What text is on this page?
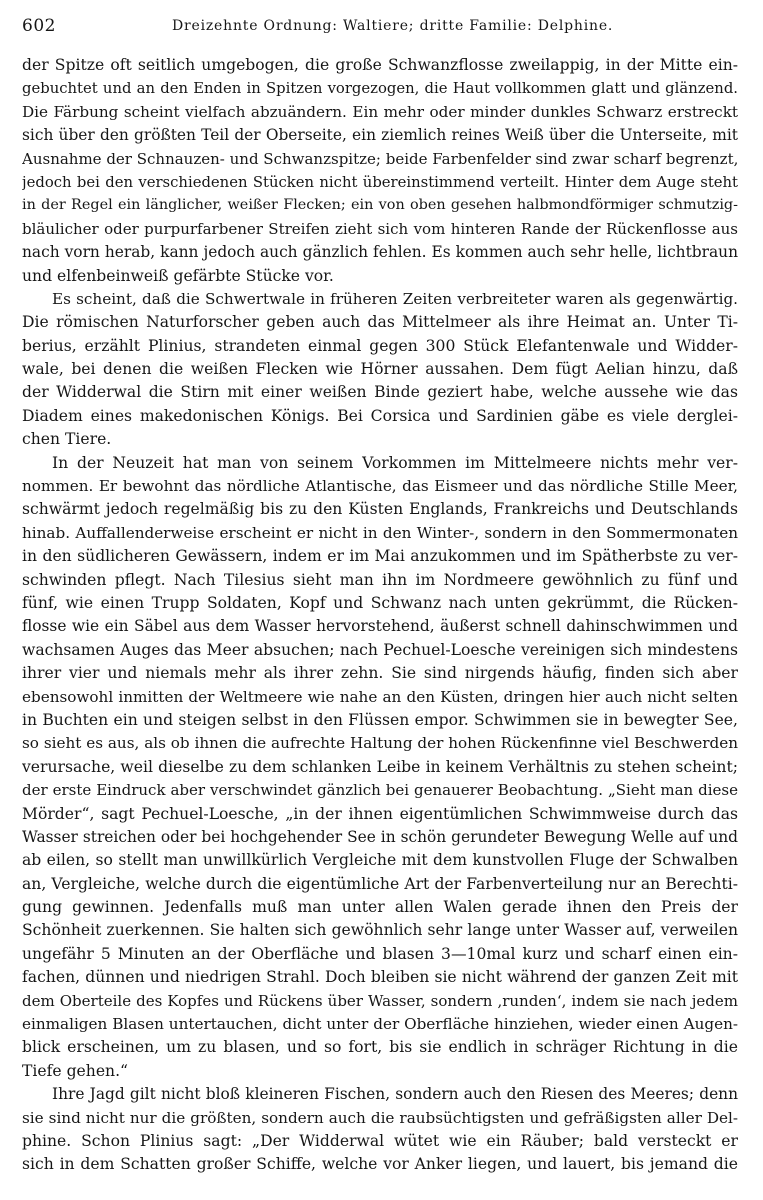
602	Dreizehnte Ordnung: Waltiere; dritte Familie: Delphine.
der Spitze oft seitlich umgebogen, die große Schwanzflosse zweilappig, in der Mitte ein-
gebuchtet und an den Enden in Spitzen vorgezogen, die Haut vollkommen glatt und glänzend.
Die Färbung scheint vielfach abzuändern. Ein mehr oder minder dunkles Schwarz erstreckt
sich über den größten Teil der Oberseite, ein ziemlich reines Weiß über die Unterseite, mit
Ausnahme der Schnauzen- und Schwanzspitze; beide Farbenfelder sind zwar scharf begrenzt,
jedoch bei den verschiedenen Stücken nicht übereinstimmend verteilt. Hinter dem Auge steht
in der Regel ein länglicher, weißer Flecken; ein von oben gesehen halbmondförmiger schmutzig-
bläulicher oder purpurfarbener Streifen zieht sich vom hinteren Rande der Rückenflosse aus
nach vorn herab, kann jedoch auch gänzlich fehlen. Es kommen auch sehr helle, lichtbraun
und elfenbeinweiß gefärbte Stücke vor.
Es scheint, daß die Schwertwale in früheren Zeiten verbreiteter waren als gegenwärtig.
Die römischen Naturforscher geben auch das Mittelmeer als ihre Heimat an. Unter Ti-
berius, erzählt Plinius, strandeten einmal gegen 300 Stück Elefantenwale und Widder-
wale, bei denen die weißen Flecken wie Hörner aussahen. Dem fügt Aelian hinzu, daß
der Widderwal die Stirn mit einer weißen Binde geziert habe, welche aussehe wie das
Diadem eines makedonischen Königs. Bei Corsica und Sardinien gäbe es viele derglei-
chen Tiere.
In der Neuzeit hat man von seinem Vorkommen im Mittelmeere nichts mehr ver-
nommen. Er bewohnt das nördliche Atlantische, das Eismeer und das nördliche Stille Meer,
schwärmt jedoch regelmäßig bis zu den Küsten Englands, Frankreichs und Deutschlands
hinab. Auffallenderweise erscheint er nicht in den Winter-, sondern in den Sommermonaten
in den südlicheren Gewässern, indem er im Mai anzukommen und im Spätherbste zu ver-
schwinden pflegt. Nach Tilesius sieht man ihn im Nordmeere gewöhnlich zu fünf und
fünf, wie einen Trupp Soldaten, Kopf und Schwanz nach unten gekrümmt, die Rücken-
flosse wie ein Säbel aus dem Wasser hervorstehend, äußerst schnell dahinschwimmen und
wachsamen Auges das Meer absuchen; nach Pechuel-Loesche vereinigen sich mindestens
ihrer vier und niemals mehr als ihrer zehn. Sie sind nirgends häufig, finden sich aber
ebensowohl inmitten der Weltmeere wie nahe an den Küsten, dringen hier auch nicht selten
in Buchten ein und steigen selbst in den Flüssen empor. Schwimmen sie in bewegter See,
so sieht es aus, als ob ihnen die aufrechte Haltung der hohen Rückenfinne viel Beschwerden
verursache, weil dieselbe zu dem schlanken Leibe in keinem Verhältnis zu stehen scheint;
der erste Eindruck aber verschwindet gänzlich bei genauerer Beobachtung. „Sieht man diese
Mörder“, sagt Pechuel-Loesche, „in der ihnen eigentümlichen Schwimmweise durch das
Wasser streichen oder bei hochgehender See in schön gerundeter Bewegung Welle auf und
ab eilen, so stellt man unwillkürlich Vergleiche mit dem kunstvollen Fluge der Schwalben
an, Vergleiche, welche durch die eigentümliche Art der Farbenverteilung nur an Berechti-
gung gewinnen. Jedenfalls muß man unter allen Walen gerade ihnen den Preis der
Schönheit zuerkennen. Sie halten sich gewöhnlich sehr lange unter Wasser auf, verweilen
ungefähr 5 Minuten an der Oberfläche und blasen 3—10mal kurz und scharf einen ein-
fachen, dünnen und niedrigen Strahl. Doch bleiben sie nicht während der ganzen Zeit mit
dem Oberteile des Kopfes und Rückens über Wasser, sondern ‚runden‘, indem sie nach jedem
einmaligen Blasen untertauchen, dicht unter der Oberfläche hinziehen, wieder einen Augen-
blick erscheinen, um zu blasen, und so fort, bis sie endlich in schräger Richtung in die
Tiefe gehen.“
Ihre Jagd gilt nicht bloß kleineren Fischen, sondern auch den Riesen des Meeres; denn
sie sind nicht nur die größten, sondern auch die raubsüchtigsten und gefräßigsten aller Del-
phine. Schon Plinius sagt: „Der Widderwal wütet wie ein Räuber; bald versteckt er
sich in dem Schatten großer Schiffe, welche vor Anker liegen, und lauert, bis jemand die
